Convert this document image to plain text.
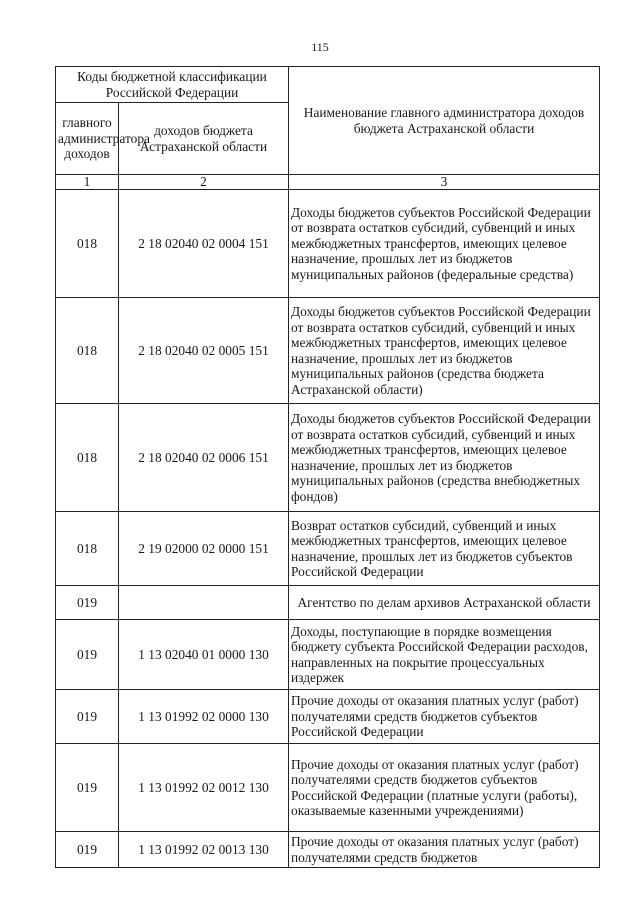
115
Коды бюджетной классификации Российской Федерации		Наименование главного администратора доходов бюджета Астраханской области
главного администратора доходов	доходов бюджета Астраханской области	
1	2	3
018	2 18 02040 02 0004 151	Доходы бюджетов субъектов Российской Федерации от возврата остатков субсидий, субвенций и иных межбюджетных трансфертов, имеющих целевое назначение, прошлых лет из бюджетов муниципальных районов (федеральные средства)
018	2 18 02040 02 0005 151	Доходы бюджетов субъектов Российской Федерации от возврата остатков субсидий, субвенций и иных межбюджетных трансфертов, имеющих целевое назначение, прошлых лет из бюджетов муниципальных районов (средства бюджета Астраханской области)
018	2 18 02040 02 0006 151	Доходы бюджетов субъектов Российской Федерации от возврата остатков субсидий, субвенций и иных межбюджетных трансфертов, имеющих целевое назначение, прошлых лет из бюджетов муниципальных районов (средства внебюджетных фондов)
018	2 19 02000 02 0000 151	Возврат остатков субсидий, субвенций и иных межбюджетных трансфертов, имеющих целевое назначение, прошлых лет из бюджетов субъектов Российской Федерации
019		Агентство по делам архивов Астраханской области
019	1 13 02040 01 0000 130	Доходы, поступающие в порядке возмещения бюджету субъекта Российской Федерации расходов, направленных на покрытие процессуальных издержек
019	1 13 01992 02 0000 130	Прочие доходы от оказания платных услуг (работ) получателями средств бюджетов субъектов Российской Федерации
019	1 13 01992 02 0012 130	Прочие доходы от оказания платных услуг (работ) получателями средств бюджетов субъектов Российской Федерации (платные услуги (работы), оказываемые казенными учреждениями)
019	1 13 01992 02 0013 130	Прочие доходы от оказания платных услуг (работ) получателями средств бюджетов
